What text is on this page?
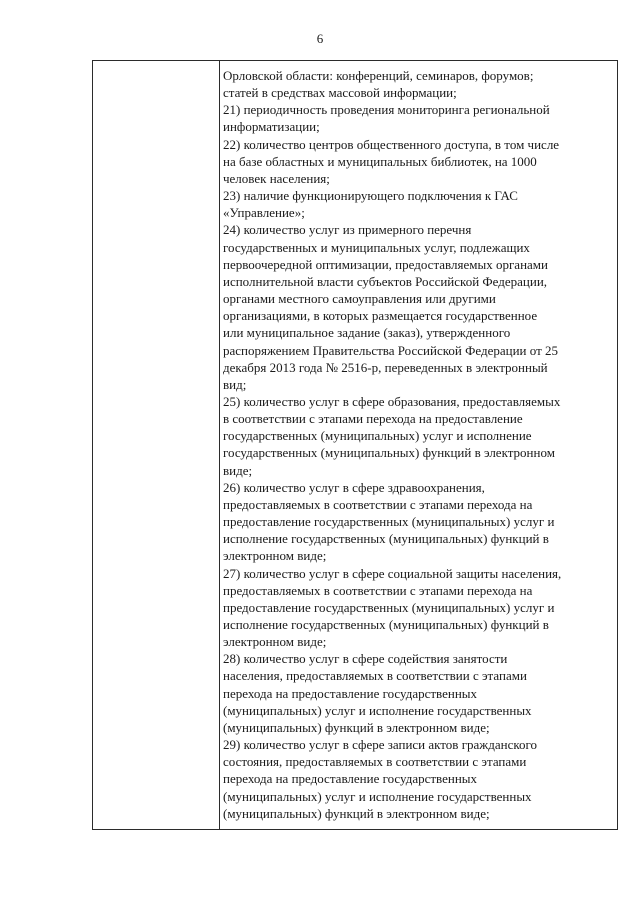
6

Орловской области: конференций, семинаров, форумов;
статей в средствах массовой информации;

21) периодичность проведения мониторинга региональной
информатизации;

22) количество центров общественного доступа, в том числе
на базе областных и муниципальных библиотек, на 1000
человек населения;

23) наличие функционирующего подключения к ГАС
«Управление»;

24) количество услуг из примерного перечня
государственных и муниципальных услуг, подлежащих
первоочередной оптимизации, предоставляемых органами
исполнительной власти субъектов Российской Федерации,
органами местного самоуправления или другими
организациями, в которых размещается государственное
или муниципальное задание (заказ), утвержденного
распоряжением Правительства Российской Федерации от 25
декабря 2013 года № 2516-р, переведенных в электронный
вид;

25) количество услуг в сфере образования, предоставляемых
в соответствии с этапами перехода на предоставление
государственных (муниципальных) услуг и исполнение
государственных (муниципальных) функций в электронном
виде;

26) количество услуг в сфере здравоохранения,
предоставляемых в соответствии с этапами перехода на
предоставление государственных (муниципальных) услуг и
исполнение государственных (муниципальных) функций в
электронном виде;

27) количество услуг в сфере социальной защиты населения,
предоставляемых в соответствии с этапами перехода на
предоставление государственных (муниципальных) услуг и
исполнение государственных (муниципальных) функций в
электронном виде;

28) количество услуг в сфере содействия занятости
населения, предоставляемых в соответствии с этапами
перехода на предоставление государственных
(муниципальных) услуг и исполнение государственных
(муниципальных) функций в электронном виде;

29) количество услуг в сфере записи актов гражданского
состояния, предоставляемых в соответствии с этапами
перехода на предоставление государственных
(муниципальных) услуг и исполнение государственных
(муниципальных) функций в электронном виде;
